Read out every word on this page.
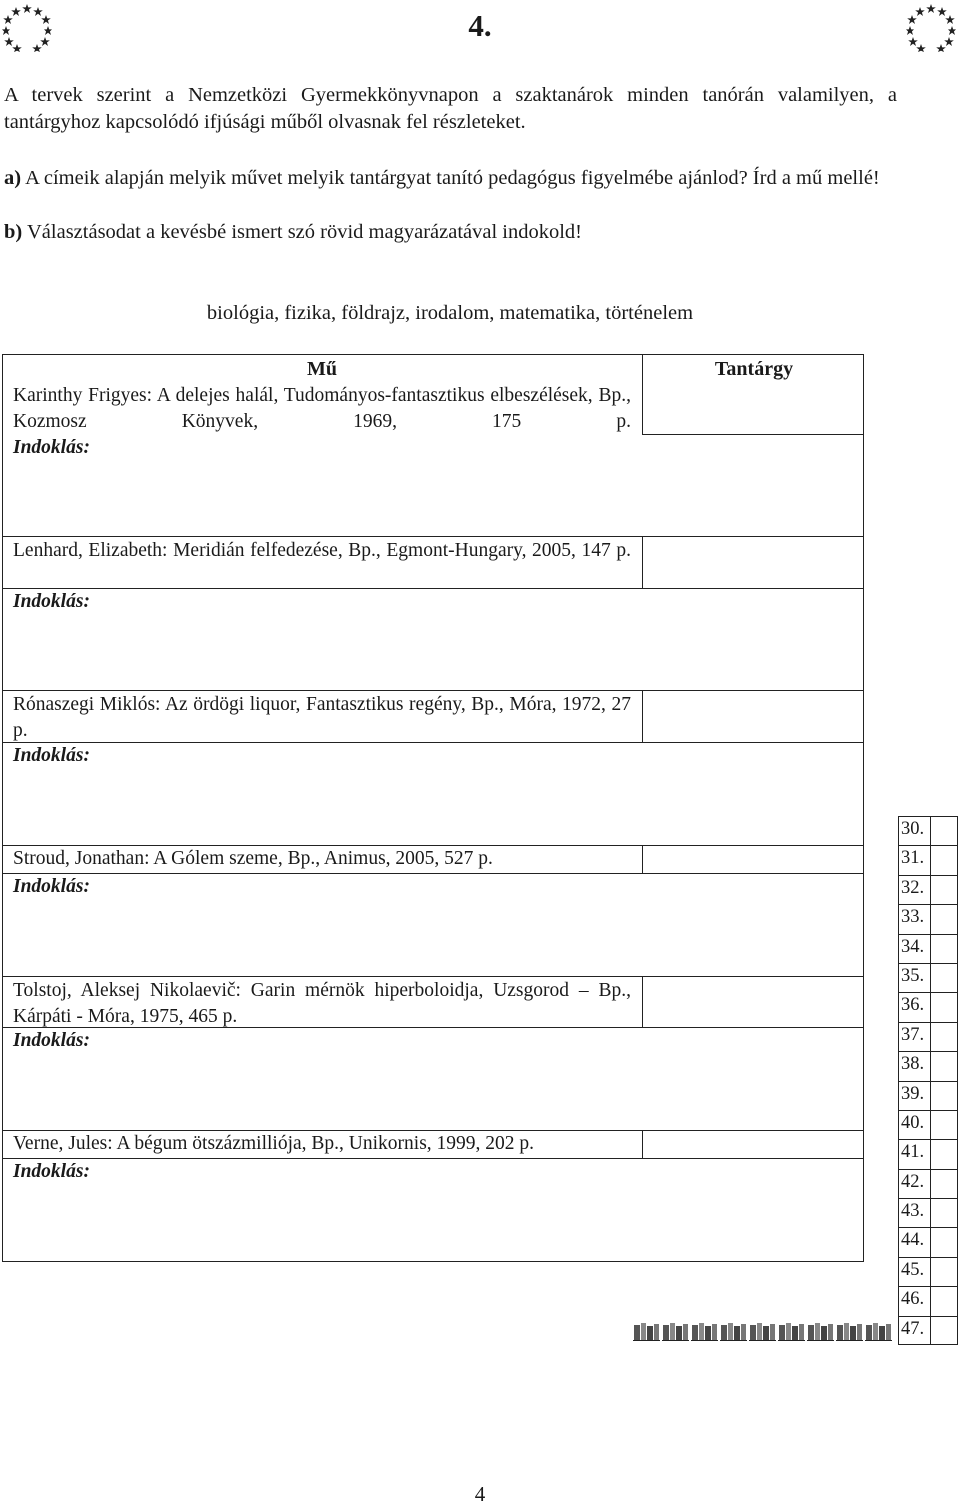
4.
A tervek szerint a Nemzetközi Gyermekkönyvnapon a szaktanárok minden tanórán valamilyen, a tantárgyhoz kapcsolódó ifjúsági műből olvasnak fel részleteket.
a) A címeik alapján melyik művet melyik tantárgyat tanító pedagógus figyelmébe ajánlod? Írd a mű mellé!
b) Választásodat a kevésbé ismert szó rövid magyarázatával indokold!
biológia, fizika, földrajz, irodalom, matematika, történelem
Mű	Tantárgy
Karinthy Frigyes: A delejes halál, Tudományos-fantasztikus elbeszélések, Bp., Kozmosz Könyvek, 1969, 175 p.
Indoklás:
Lenhard, Elizabeth: Meridián felfedezése, Bp., Egmont-Hungary, 2005, 147 p.
Indoklás:
Rónaszegi Miklós: Az ördögi liquor, Fantasztikus regény, Bp., Móra, 1972, 27 p.
Indoklás:
Stroud, Jonathan: A Gólem szeme, Bp., Animus, 2005, 527 p.
Indoklás:
Tolstoj, Aleksej Nikolaevič: Garin mérnök hiperboloidja, Uzsgorod – Bp., Kárpáti - Móra, 1975, 465 p.
Indoklás:
Verne, Jules: A bégum ötszázmilliója, Bp., Unikornis, 1999, 202 p.
Indoklás:
30.
31.
32.
33.
34.
35.
36.
37.
38.
39.
40.
41.
42.
43.
44.
45.
46.
47.
4
